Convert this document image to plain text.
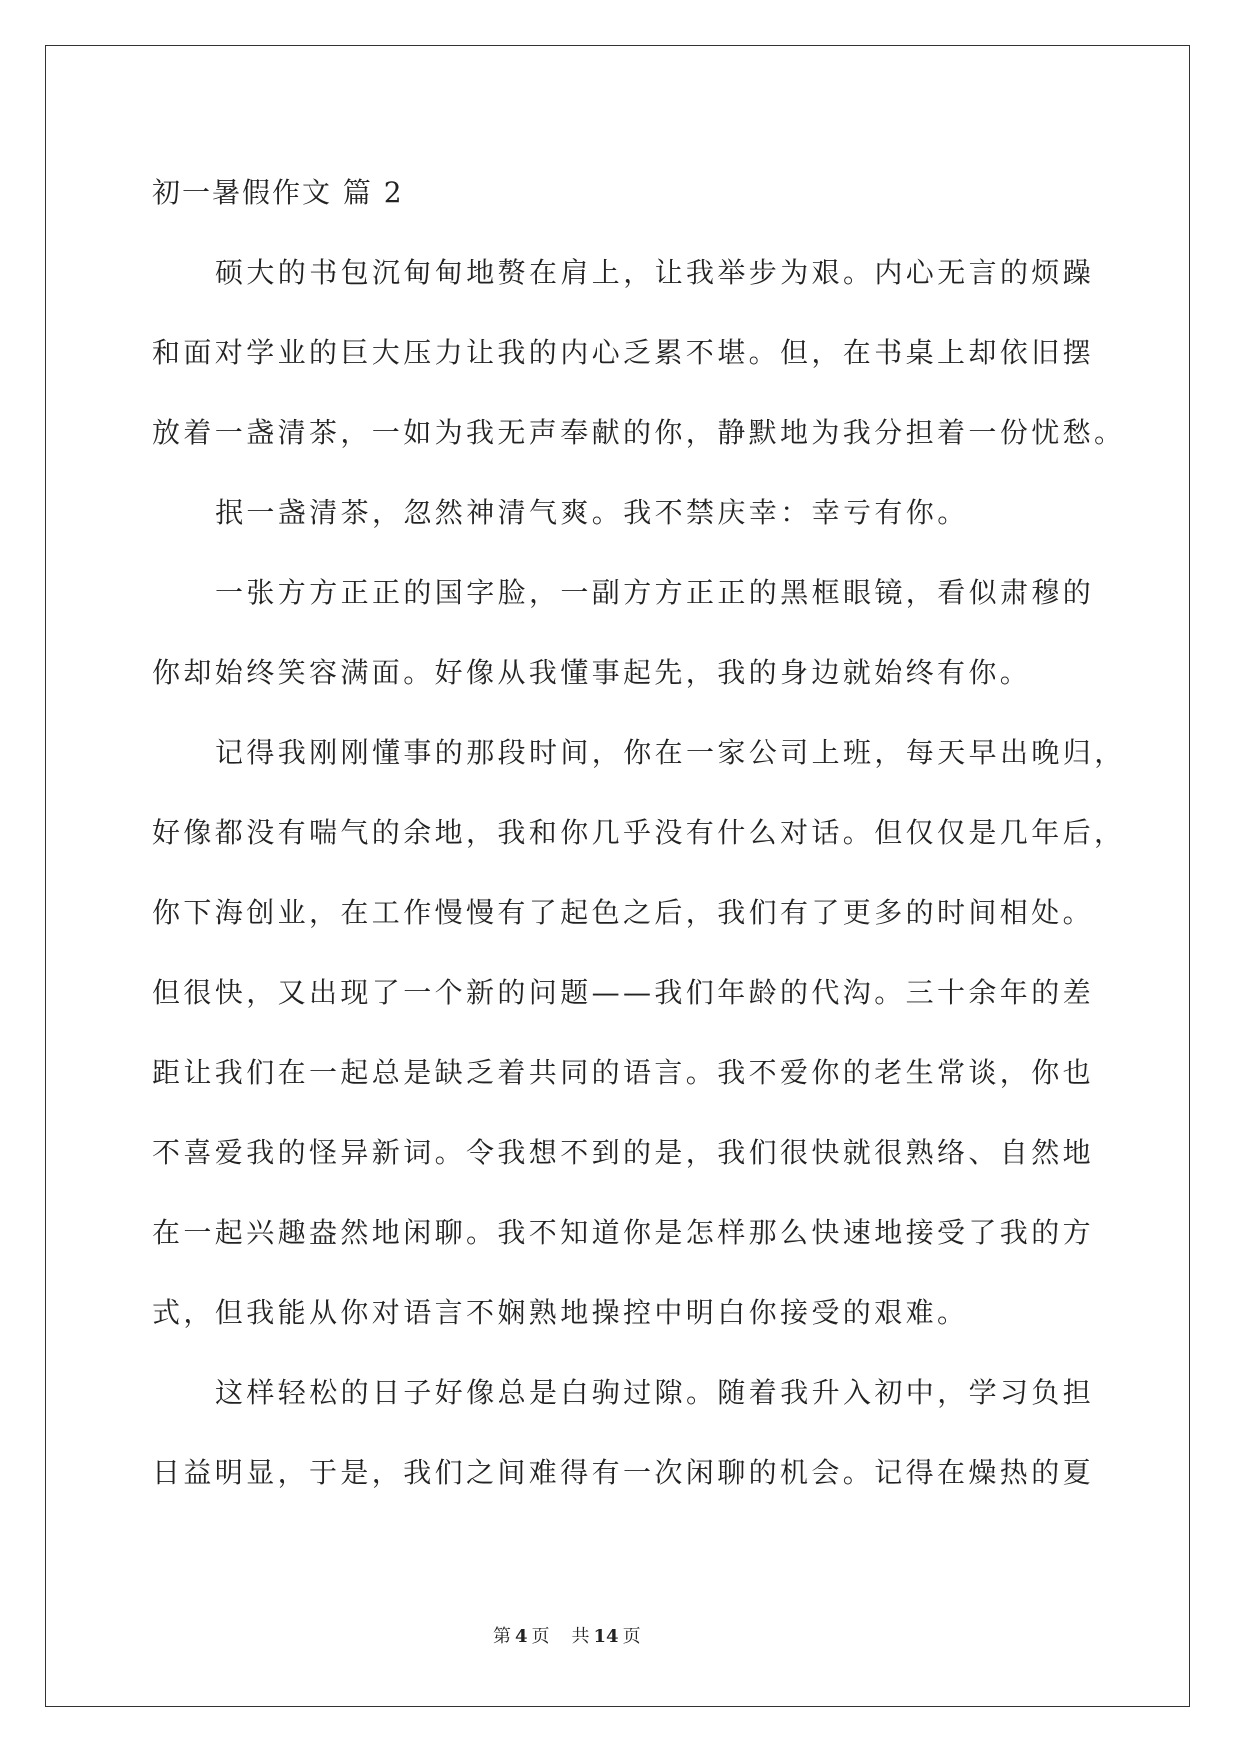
初一暑假作文 篇 2
硕大的书包沉甸甸地赘在肩上，让我举步为艰。内心无言的烦躁
和面对学业的巨大压力让我的内心乏累不堪。但，在书桌上却依旧摆
放着一盏清茶，一如为我无声奉献的你，静默地为我分担着一份忧愁。
抿一盏清茶，忽然神清气爽。我不禁庆幸：幸亏有你。
一张方方正正的国字脸，一副方方正正的黑框眼镜，看似肃穆的
你却始终笑容满面。好像从我懂事起先，我的身边就始终有你。
记得我刚刚懂事的那段时间，你在一家公司上班，每天早出晚归，
好像都没有喘气的余地，我和你几乎没有什么对话。但仅仅是几年后，
你下海创业，在工作慢慢有了起色之后，我们有了更多的时间相处。
但很快，又出现了一个新的问题——我们年龄的代沟。三十余年的差
距让我们在一起总是缺乏着共同的语言。我不爱你的老生常谈，你也
不喜爱我的怪异新词。令我想不到的是，我们很快就很熟络、自然地
在一起兴趣盎然地闲聊。我不知道你是怎样那么快速地接受了我的方
式，但我能从你对语言不娴熟地操控中明白你接受的艰难。
这样轻松的日子好像总是白驹过隙。随着我升入初中，学习负担
日益明显，于是，我们之间难得有一次闲聊的机会。记得在燥热的夏
第 4 页 共 14 页
